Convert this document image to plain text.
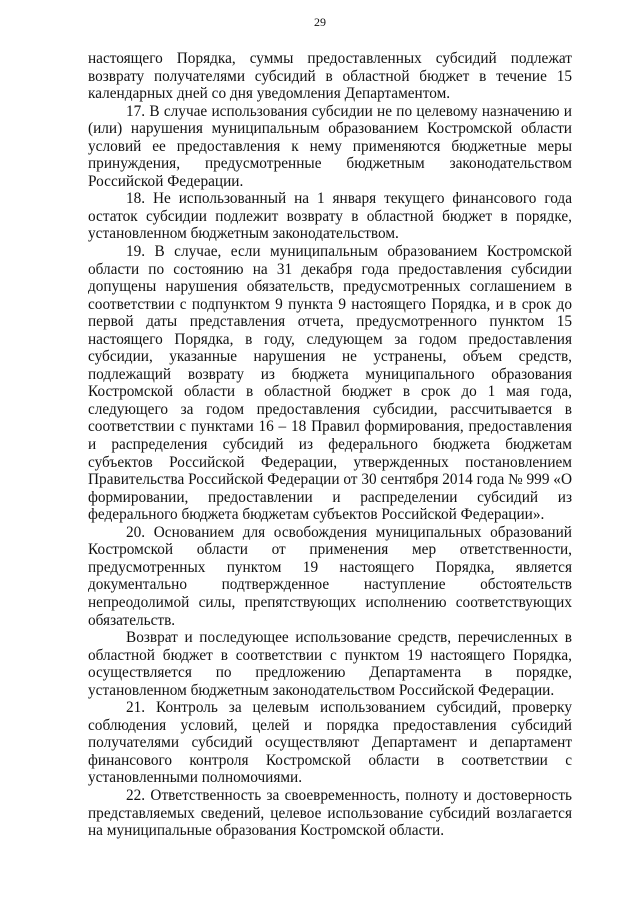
29

настоящего Порядка, суммы предоставленных субсидий подлежат возврату получателями субсидий в областной бюджет в течение 15 календарных дней со дня уведомления Департаментом.

17. В случае использования субсидии не по целевому назначению и (или) нарушения муниципальным образованием Костромской области условий ее предоставления к нему применяются бюджетные меры принуждения, предусмотренные бюджетным законодательством Российской Федерации.

18. Не использованный на 1 января текущего финансового года остаток субсидии подлежит возврату в областной бюджет в порядке, установленном бюджетным законодательством.

19. В случае, если муниципальным образованием Костромской области по состоянию на 31 декабря года предоставления субсидии допущены нарушения обязательств, предусмотренных соглашением в соответствии с подпунктом 9 пункта 9 настоящего Порядка, и в срок до первой даты представления отчета, предусмотренного пунктом 15 настоящего Порядка, в году, следующем за годом предоставления субсидии, указанные нарушения не устранены, объем средств, подлежащий возврату из бюджета муниципального образования Костромской области в областной бюджет в срок до 1 мая года, следующего за годом предоставления субсидии, рассчитывается в соответствии с пунктами 16 – 18 Правил формирования, предоставления и распределения субсидий из федерального бюджета бюджетам субъектов Российской Федерации, утвержденных постановлением Правительства Российской Федерации от 30 сентября 2014 года № 999 «О формировании, предоставлении и распределении субсидий из федерального бюджета бюджетам субъектов Российской Федерации».

20. Основанием для освобождения муниципальных образований Костромской области от применения мер ответственности, предусмотренных пунктом 19 настоящего Порядка, является документально подтвержденное наступление обстоятельств непреодолимой силы, препятствующих исполнению соответствующих обязательств.

Возврат и последующее использование средств, перечисленных в областной бюджет в соответствии с пунктом 19 настоящего Порядка, осуществляется по предложению Департамента в порядке, установленном бюджетным законодательством Российской Федерации.

21. Контроль за целевым использованием субсидий, проверку соблюдения условий, целей и порядка предоставления субсидий получателями субсидий осуществляют Департамент и департамент финансового контроля Костромской области в соответствии с установленными полномочиями.

22. Ответственность за своевременность, полноту и достоверность представляемых сведений, целевое использование субсидий возлагается на муниципальные образования Костромской области.
